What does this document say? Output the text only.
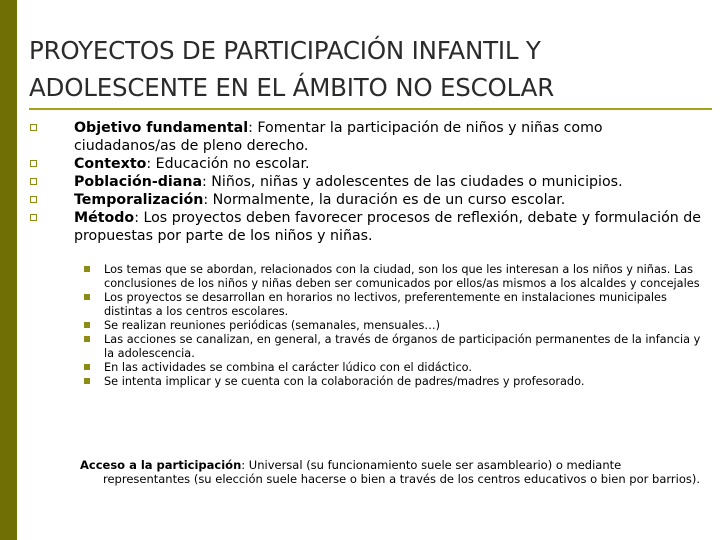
PROYECTOS DE PARTICIPACIÓN INFANTIL Y ADOLESCENTE EN EL ÁMBITO NO ESCOLAR
Objetivo fundamental: Fomentar la participación de niños y niñas como ciudadanos/as de pleno derecho.
Contexto: Educación no escolar.
Población-diana: Niños, niñas y adolescentes de las ciudades o municipios.
Temporalización: Normalmente, la duración es de un curso escolar.
Método: Los proyectos deben favorecer procesos de reflexión, debate y formulación de propuestas por parte de los niños y niñas.
Los temas que se abordan, relacionados con la ciudad, son los que les interesan a los niños y niñas. Las conclusiones de los niños y niñas deben ser comunicados por ellos/as mismos a los alcaldes y concejales
Los proyectos se desarrollan en horarios no lectivos, preferentemente en instalaciones municipales distintas a los centros escolares.
Se realizan reuniones periódicas (semanales, mensuales…)
Las acciones se canalizan, en general, a través de órganos de participación permanentes de la infancia y la adolescencia.
En las actividades se combina el carácter lúdico con el didáctico.
Se intenta implicar y se cuenta con la colaboración de padres/madres y profesorado.
Acceso a la participación: Universal (su funcionamiento suele ser asambleario) o mediante representantes (su elección suele hacerse o bien a través de los centros educativos o bien por barrios).
